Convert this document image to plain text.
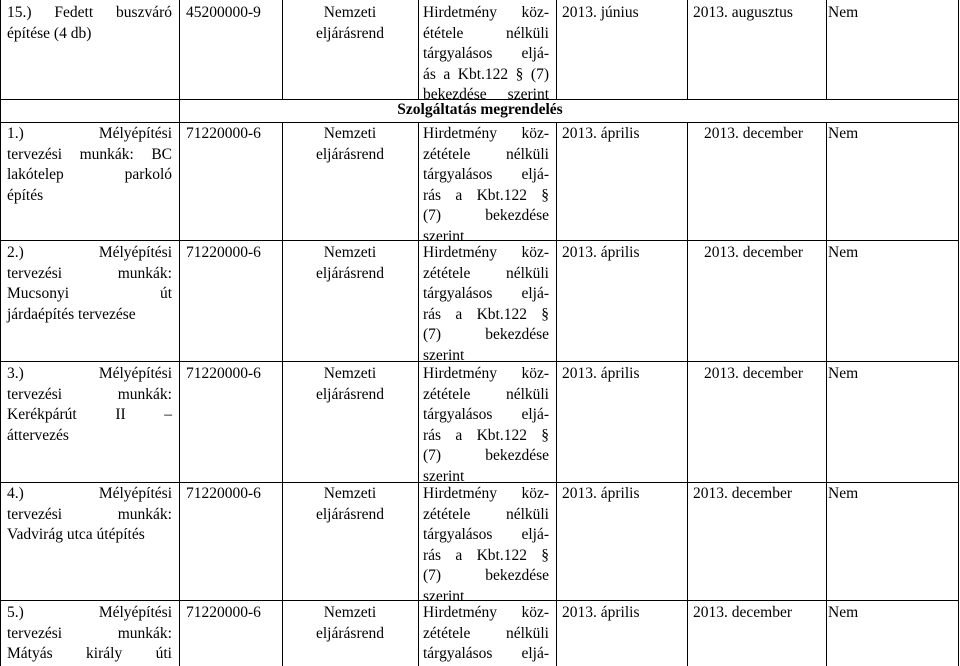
15.) Fedett buszváró
építése (4 db)
45200000-9	Nemzeti
eljárásrend
Hirdetmény köz-
ététele nélküli
tárgyalásos eljá-
ás a Kbt.122 § (7)
bekezdése szerint
2013. június	2013. augusztus	Nem
Szolgáltatás megrendelés
1.) Mélyépítési
tervezési munkák: BC
lakótelep parkoló
építés
71220000-6	Nemzeti
eljárásrend
Hirdetmény köz-
zétételе nélküli
tárgyalásos eljá-
rás a Kbt.122 §
(7) bekezdése
szerint
2013. április	2013. december	Nem
2.) Mélyépítési
tervezési munkák:
Mucsonyi út
járdaépítés tervezése
71220000-6	Nemzeti
eljárásrend
Hirdetmény köz-
zétételе nélküli
tárgyalásos eljá-
rás a Kbt.122 §
(7) bekezdése
szerint
2013. április	2013. december	Nem
3.) Mélyépítési
tervezési munkák:
Kerékpárút II –
áttervezés
71220000-6	Nemzeti
eljárásrend
Hirdetmény köz-
zétételе nélküli
tárgyalásos eljá-
rás a Kbt.122 §
(7) bekezdése
szerint
2013. április	2013. december	Nem
4.) Mélyépítési
tervezési munkák:
Vadvirág utca útépítés
71220000-6	Nemzeti
eljárásrend
Hirdetmény köz-
zétételе nélküli
tárgyalásos eljá-
rás a Kbt.122 §
(7) bekezdése
szerint
2013. április	2013. december	Nem
5.) Mélyépítési
tervezési munkák:
Mátyás király úti
71220000-6	Nemzeti
eljárásrend
Hirdetmény köz-
zétételе nélküli
tárgyalásos eljá-
2013. április	2013. december	Nem
